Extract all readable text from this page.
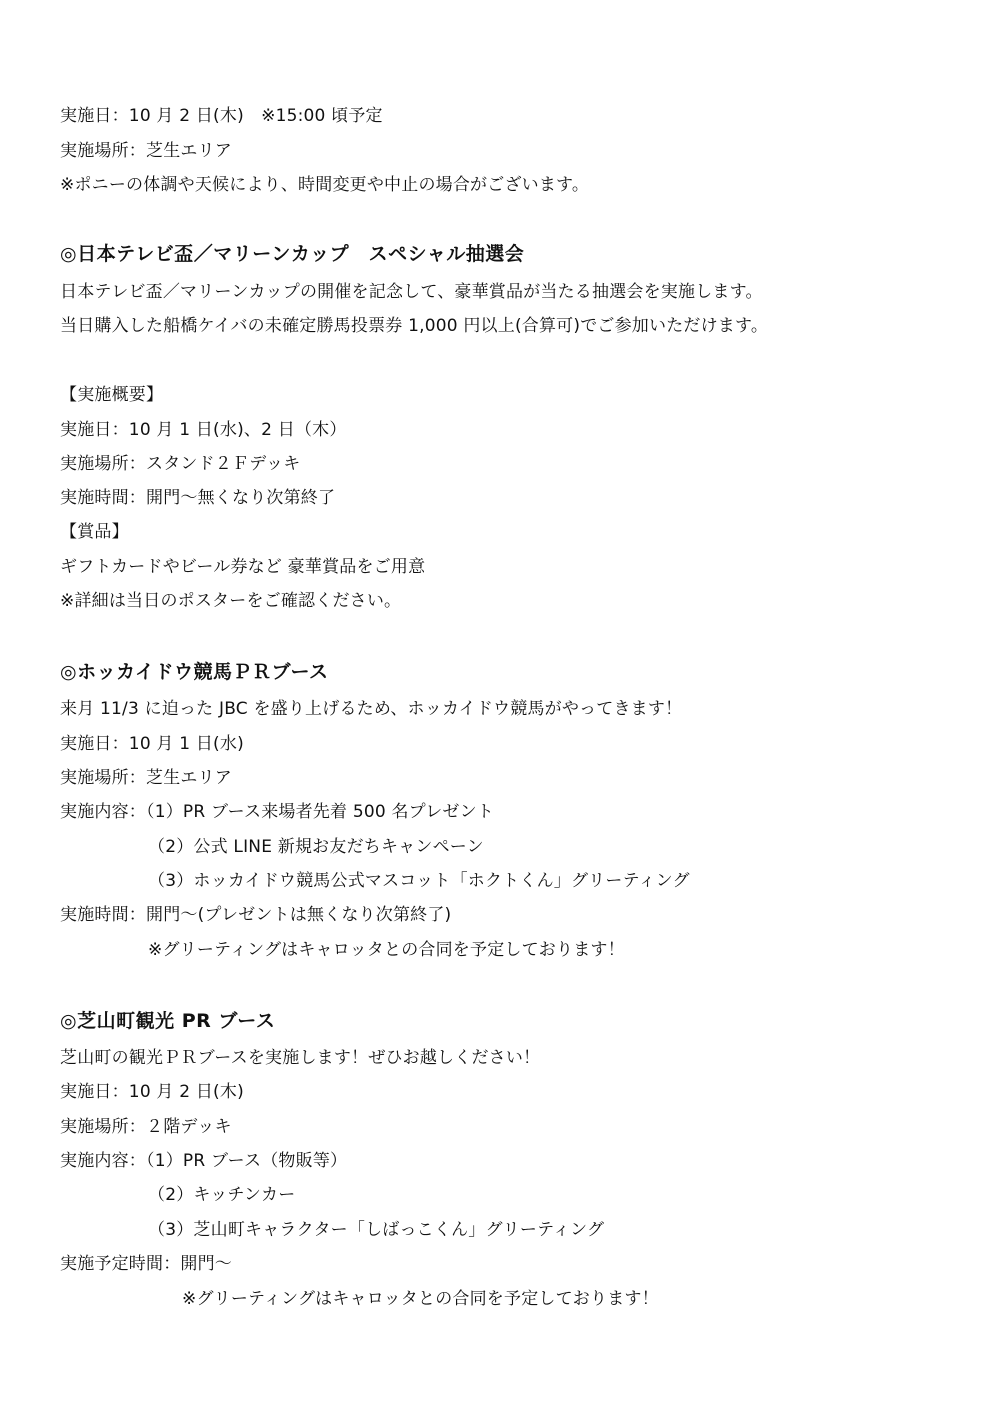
実施日：10 月 2 日(木)　※15:00 頃予定
実施場所：芝生エリア
※ポニーの体調や天候により、時間変更や中止の場合がございます。
◎日本テレビ盃／マリーンカップ　スペシャル抽選会
日本テレビ盃／マリーンカップの開催を記念して、豪華賞品が当たる抽選会を実施します。
当日購入した船橋ケイバの未確定勝馬投票券 1,000 円以上(合算可)でご参加いただけます。
【実施概要】
実施日：10 月 1 日(水)、2 日（木）
実施場所：スタンド２Ｆデッキ
実施時間：開門～無くなり次第終了
【賞品】
ギフトカードやビール券など 豪華賞品をご用意
※詳細は当日のポスターをご確認ください。
◎ホッカイドウ競馬ＰＲブース
来月 11/3 に迫った JBC を盛り上げるため、ホッカイドウ競馬がやってきます！
実施日：10 月 1 日(水)
実施場所：芝生エリア
実施内容：（1）PR ブース来場者先着 500 名プレゼント
（2）公式 LINE 新規お友だちキャンペーン
（3）ホッカイドウ競馬公式マスコット「ホクトくん」グリーティング
実施時間：開門～(プレゼントは無くなり次第終了)
※グリーティングはキャロッタとの合同を予定しております！
◎芝山町観光 PR ブース
芝山町の観光ＰＲブースを実施します！ぜひお越しください！
実施日：10 月 2 日(木)
実施場所：２階デッキ
実施内容：（1）PR ブース（物販等）
（2）キッチンカー
（3）芝山町キャラクター「しばっこくん」グリーティング
実施予定時間：開門～
※グリーティングはキャロッタとの合同を予定しております！
